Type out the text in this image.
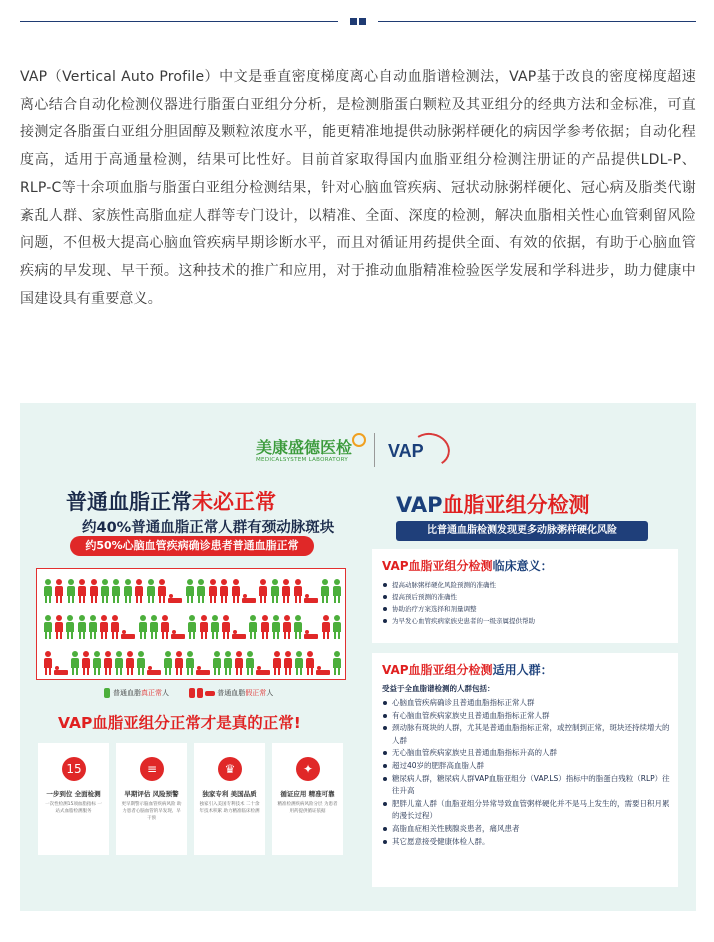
VAP（Vertical Auto Profile）中文是垂直密度梯度离心自动血脂谱检测法，VAP基于改良的密度梯度超速离心结合自动化检测仪器进行脂蛋白亚组分分析，是检测脂蛋白颗粒及其亚组分的经典方法和金标准，可直接测定各脂蛋白亚组分胆固醇及颗粒浓度水平，能更精准地提供动脉粥样硬化的病因学参考依据；自动化程度高，适用于高通量检测，结果可比性好。目前首家取得国内血脂亚组分检测注册证的产品提供LDL-P、RLP-C等十余项血脂与脂蛋白亚组分检测结果，针对心脑血管疾病、冠状动脉粥样硬化、冠心病及脂类代谢紊乱人群、家族性高脂血症人群等专门设计，以精准、全面、深度的检测，解决血脂相关性心血管剩留风险问题，不但极大提高心脑血管疾病早期诊断水平，而且对循证用药提供全面、有效的依据，有助于心脑血管疾病的早发现、早干预。这种技术的推广和应用，对于推动血脂精准检验医学发展和学科进步，助力健康中国建设具有重要意义。

美康盛德医检
MEDICALSYSTEM LABORATORY VAP
普通血脂正常未必正常
约40%普通血脂正常人群有颈动脉斑块
约50%心脑血管疾病确诊患者普通血脂正常
普通血脂真正常人	普通血脂假正常人
VAP血脂亚组分正常才是真的正常!
15
一步到位 全面检测
一次性检测15项血脂指标 一站式血脂检测服务
≡
早期评估 风险预警
更早期警示脑血管疾病风险 助力患者心脑血管的早发现、早干预
♛
独家专利 美国品质
独家引入美国专利技术 二十余年技术积累 助力精准临床检测
✦
循证应用 精准可靠
精准检测疾病风险分层 为患者用药提供循证依据
VAP血脂亚组分检测
比普通血脂检测发现更多动脉粥样硬化风险
VAP血脂亚组分检测临床意义：
提高动脉粥样硬化风险预测的准确性
提高预后预测的准确性
协助治疗方案选择和剂量调整
为早发心血管疾病家族史患者的一级亲属提供帮助
VAP血脂亚组分检测适用人群：
受益于全血脂谱检测的人群包括：
心脑血管疾病确诊且普通血脂指标正常人群
有心脑血管疾病家族史且普通血脂指标正常人群
颈动脉有斑块的人群，尤其是普通血脂指标正常，或控制到正常，斑块还持续增大的人群
无心脑血管疾病家族史且普通血脂指标升高的人群
超过40岁的肥胖高血脂人群
糖尿病人群，糖尿病人群VAP血脂亚组分（VAP.LS）指标中的脂蛋白残粒（RLP）往往升高
肥胖儿童人群（血脂亚组分异常导致血管粥样硬化并不是马上发生的，需要日积月累的漫长过程）
高脂血症相关性胰腺炎患者，痛风患者
其它愿意接受健康体检人群。
